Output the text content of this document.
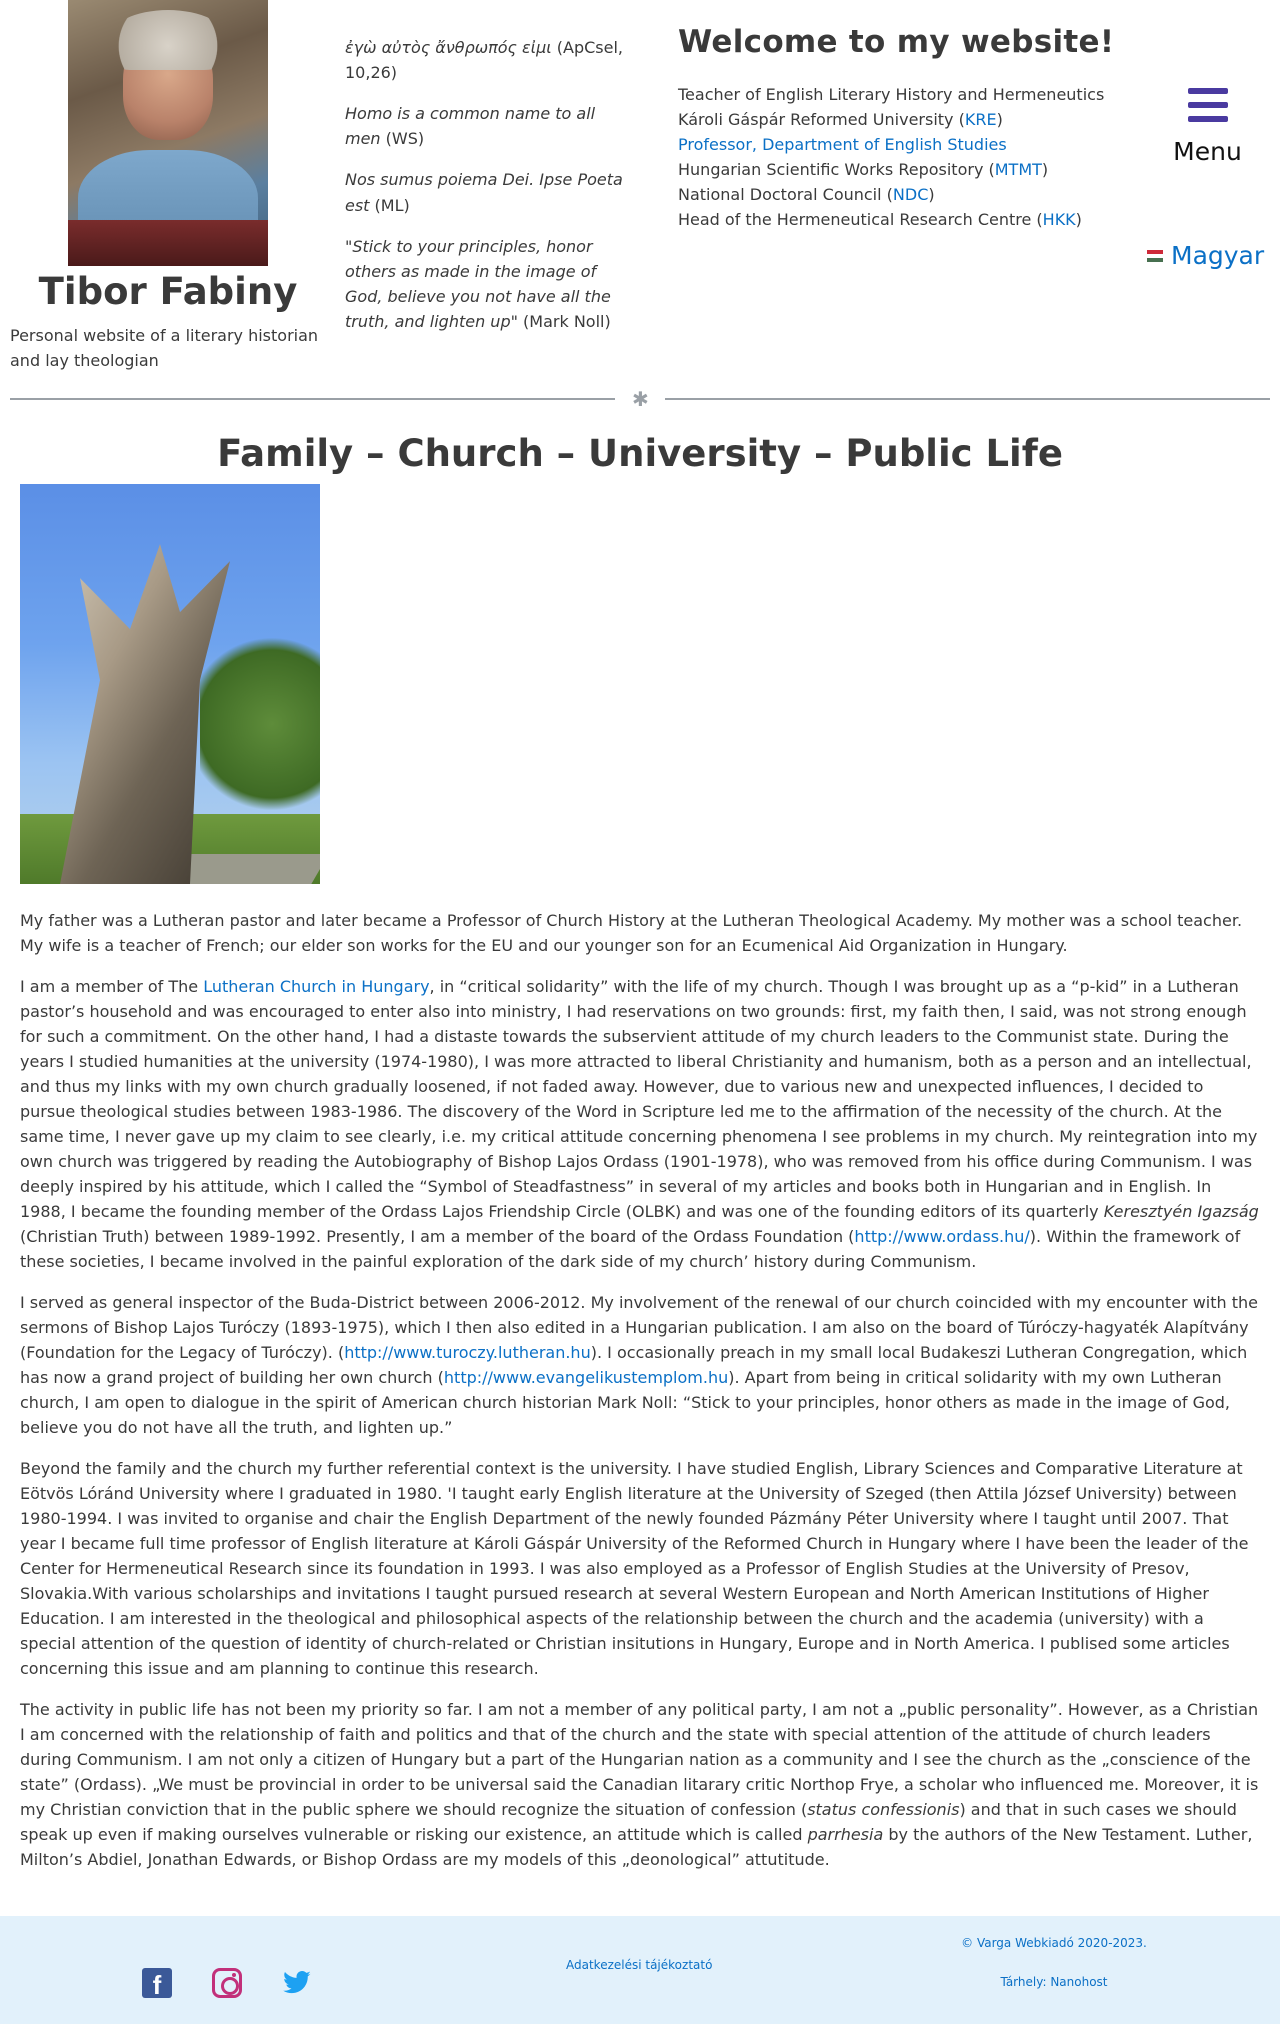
Tibor Fabiny
Personal website of a literary historian and lay theologian

ἐγὼ αὐτὸς ἄνθρωπός εἰμι (ApCsel, 10,26)

Homo is a common name to all men (WS)

Nos sumus poiema Dei. Ipse Poeta est (ML)

"Stick to your principles, honor others as made in the image of God, believe you not have all the truth, and lighten up" (Mark Noll)

Welcome to my website!
Teacher of English Literary History and Hermeneutics
Károli Gáspár Reformed University (KRE)
Professor, Department of English Studies
Hungarian Scientific Works Repository (MTMT)
National Doctoral Council (NDC)
Head of the Hermeneutical Research Centre (HKK)
Menu
Magyar
✱
Family – Church – University – Public Life

My father was a Lutheran pastor and later became a Professor of Church History at the Lutheran Theological Academy. My mother was a school teacher. My wife is a teacher of French; our elder son works for the EU and our younger son for an Ecumenical Aid Organization in Hungary.

I am a member of The Lutheran Church in Hungary, in “critical solidarity” with the life of my church. Though I was brought up as a “p-kid” in a Lutheran pastor’s household and was encouraged to enter also into ministry, I had reservations on two grounds: first, my faith then, I said, was not strong enough for such a commitment. On the other hand, I had a distaste towards the subservient attitude of my church leaders to the Communist state. During the years I studied humanities at the university (1974-1980), I was more attracted to liberal Christianity and humanism, both as a person and an intellectual, and thus my links with my own church gradually loosened, if not faded away. However, due to various new and unexpected influences, I decided to pursue theological studies between 1983-1986. The discovery of the Word in Scripture led me to the affirmation of the necessity of the church. At the same time, I never gave up my claim to see clearly, i.e. my critical attitude concerning phenomena I see problems in my church. My reintegration into my own church was triggered by reading the Autobiography of Bishop Lajos Ordass (1901-1978), who was removed from his office during Communism. I was deeply inspired by his attitude, which I called the “Symbol of Steadfastness” in several of my articles and books both in Hungarian and in English. In 1988, I became the founding member of the Ordass Lajos Friendship Circle (OLBK) and was one of the founding editors of its quarterly Keresztyén Igazság (Christian Truth) between 1989-1992. Presently, I am a member of the board of the Ordass Foundation (http://www.ordass.hu/). Within the framework of these societies, I became involved in the painful exploration of the dark side of my church’ history during Communism.

I served as general inspector of the Buda-District between 2006-2012. My involvement of the renewal of our church coincided with my encounter with the sermons of Bishop Lajos Turóczy (1893-1975), which I then also edited in a Hungarian publication. I am also on the board of Túróczy-hagyaték Alapítvány (Foundation for the Legacy of Turóczy). (http://www.turoczy.lutheran.hu). I occasionally preach in my small local Budakeszi Lutheran Congregation, which has now a grand project of building her own church (http://www.evangelikustemplom.hu). Apart from being in critical solidarity with my own Lutheran church, I am open to dialogue in the spirit of American church historian Mark Noll: “Stick to your principles, honor others as made in the image of God, believe you do not have all the truth, and lighten up.”

Beyond the family and the church my further referential context is the university. I have studied English, Library Sciences and Comparative Literature at Eötvös Lóránd University where I graduated in 1980. 'I taught early English literature at the University of Szeged (then Attila József University) between 1980-1994. I was invited to organise and chair the English Department of the newly founded Pázmány Péter University where I taught until 2007. That year I became full time professor of English literature at Károli Gáspár University of the Reformed Church in Hungary where I have been the leader of the Center for Hermeneutical Research since its foundation in 1993. I was also employed as a Professor of English Studies at the University of Presov, Slovakia.With various scholarships and invitations I taught pursued research at several Western European and North American Institutions of Higher Education. I am interested in the theological and philosophical aspects of the relationship between the church and the academia (university) with a special attention of the question of identity of church-related or Christian insitutions in Hungary, Europe and in North America. I publised some articles concerning this issue and am planning to continue this research.

The activity in public life has not been my priority so far. I am not a member of any political party, I am not a „public personality”. However, as a Christian I am concerned with the relationship of faith and politics and that of the church and the state with special attention of the attitude of church leaders during Communism. I am not only a citizen of Hungary but a part of the Hungarian nation as a community and I see the church as the „conscience of the state” (Ordass). „We must be provincial in order to be universal said the Canadian litarary critic Northop Frye, a scholar who influenced me. Moreover, it is my Christian conviction that in the public sphere we should recognize the situation of confession (status confessionis) and that in such cases we should speak up even if making ourselves vulnerable or risking our existence, an attitude which is called parrhesia by the authors of the New Testament. Luther, Milton’s Abdiel, Jonathan Edwards, or Bishop Ordass are my models of this „deonological” attutitude.

f
Adatkezelési tájékoztató
© Varga Webkiadó 2020-2023.
Tárhely: Nanohost
